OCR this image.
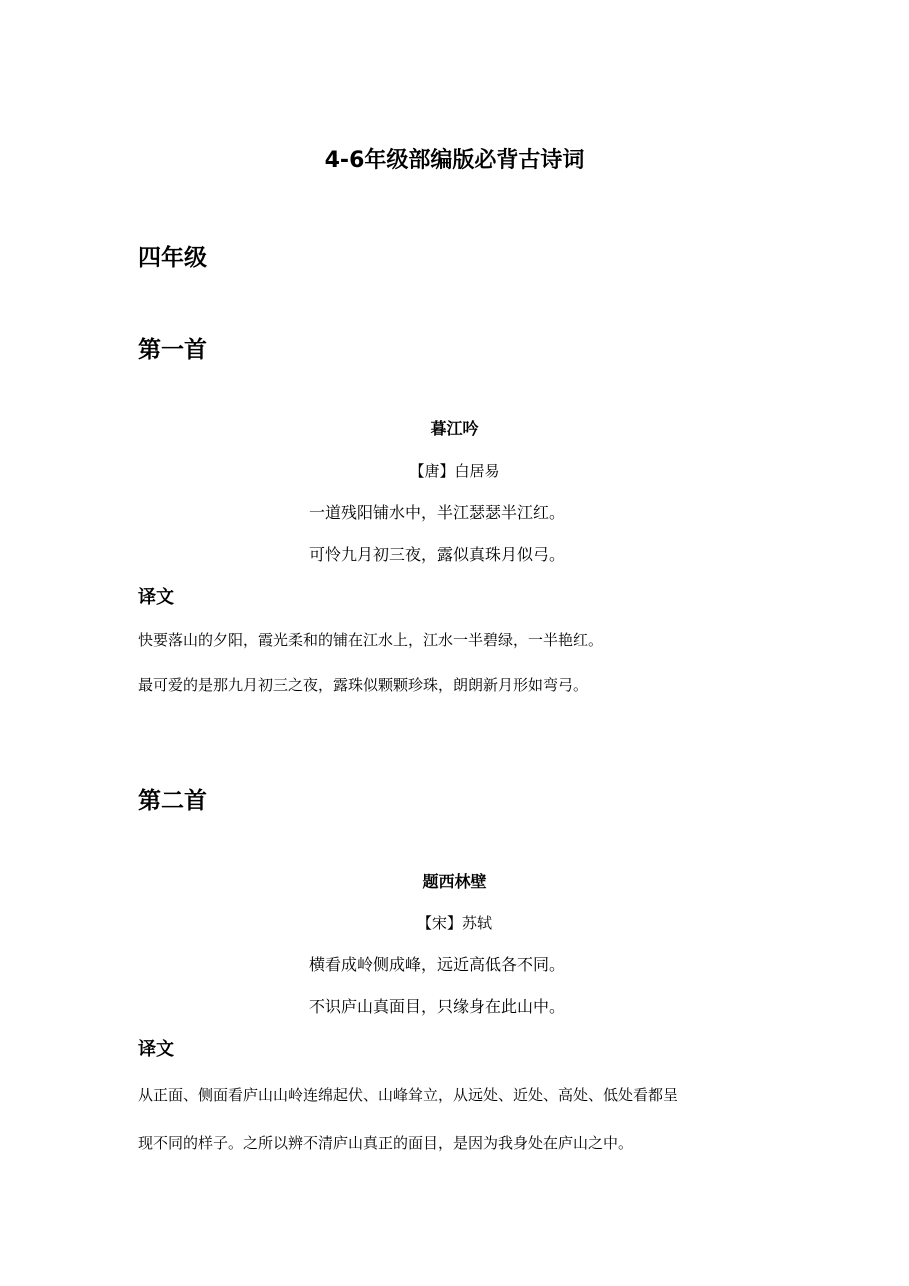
4-6年级部编版必背古诗词
四年级
第一首
暮江吟
【唐】白居易
一道残阳铺水中，半江瑟瑟半江红。
可怜九月初三夜，露似真珠月似弓。
译文
快要落山的夕阳，霞光柔和的铺在江水上，江水一半碧绿，一半艳红。
最可爱的是那九月初三之夜，露珠似颗颗珍珠，朗朗新月形如弯弓。
第二首
题西林壁
【宋】苏轼
横看成岭侧成峰，远近高低各不同。
不识庐山真面目，只缘身在此山中。
译文
从正面、侧面看庐山山岭连绵起伏、山峰耸立，从远处、近处、高处、低处看都呈
现不同的样子。之所以辨不清庐山真正的面目，是因为我身处在庐山之中。
